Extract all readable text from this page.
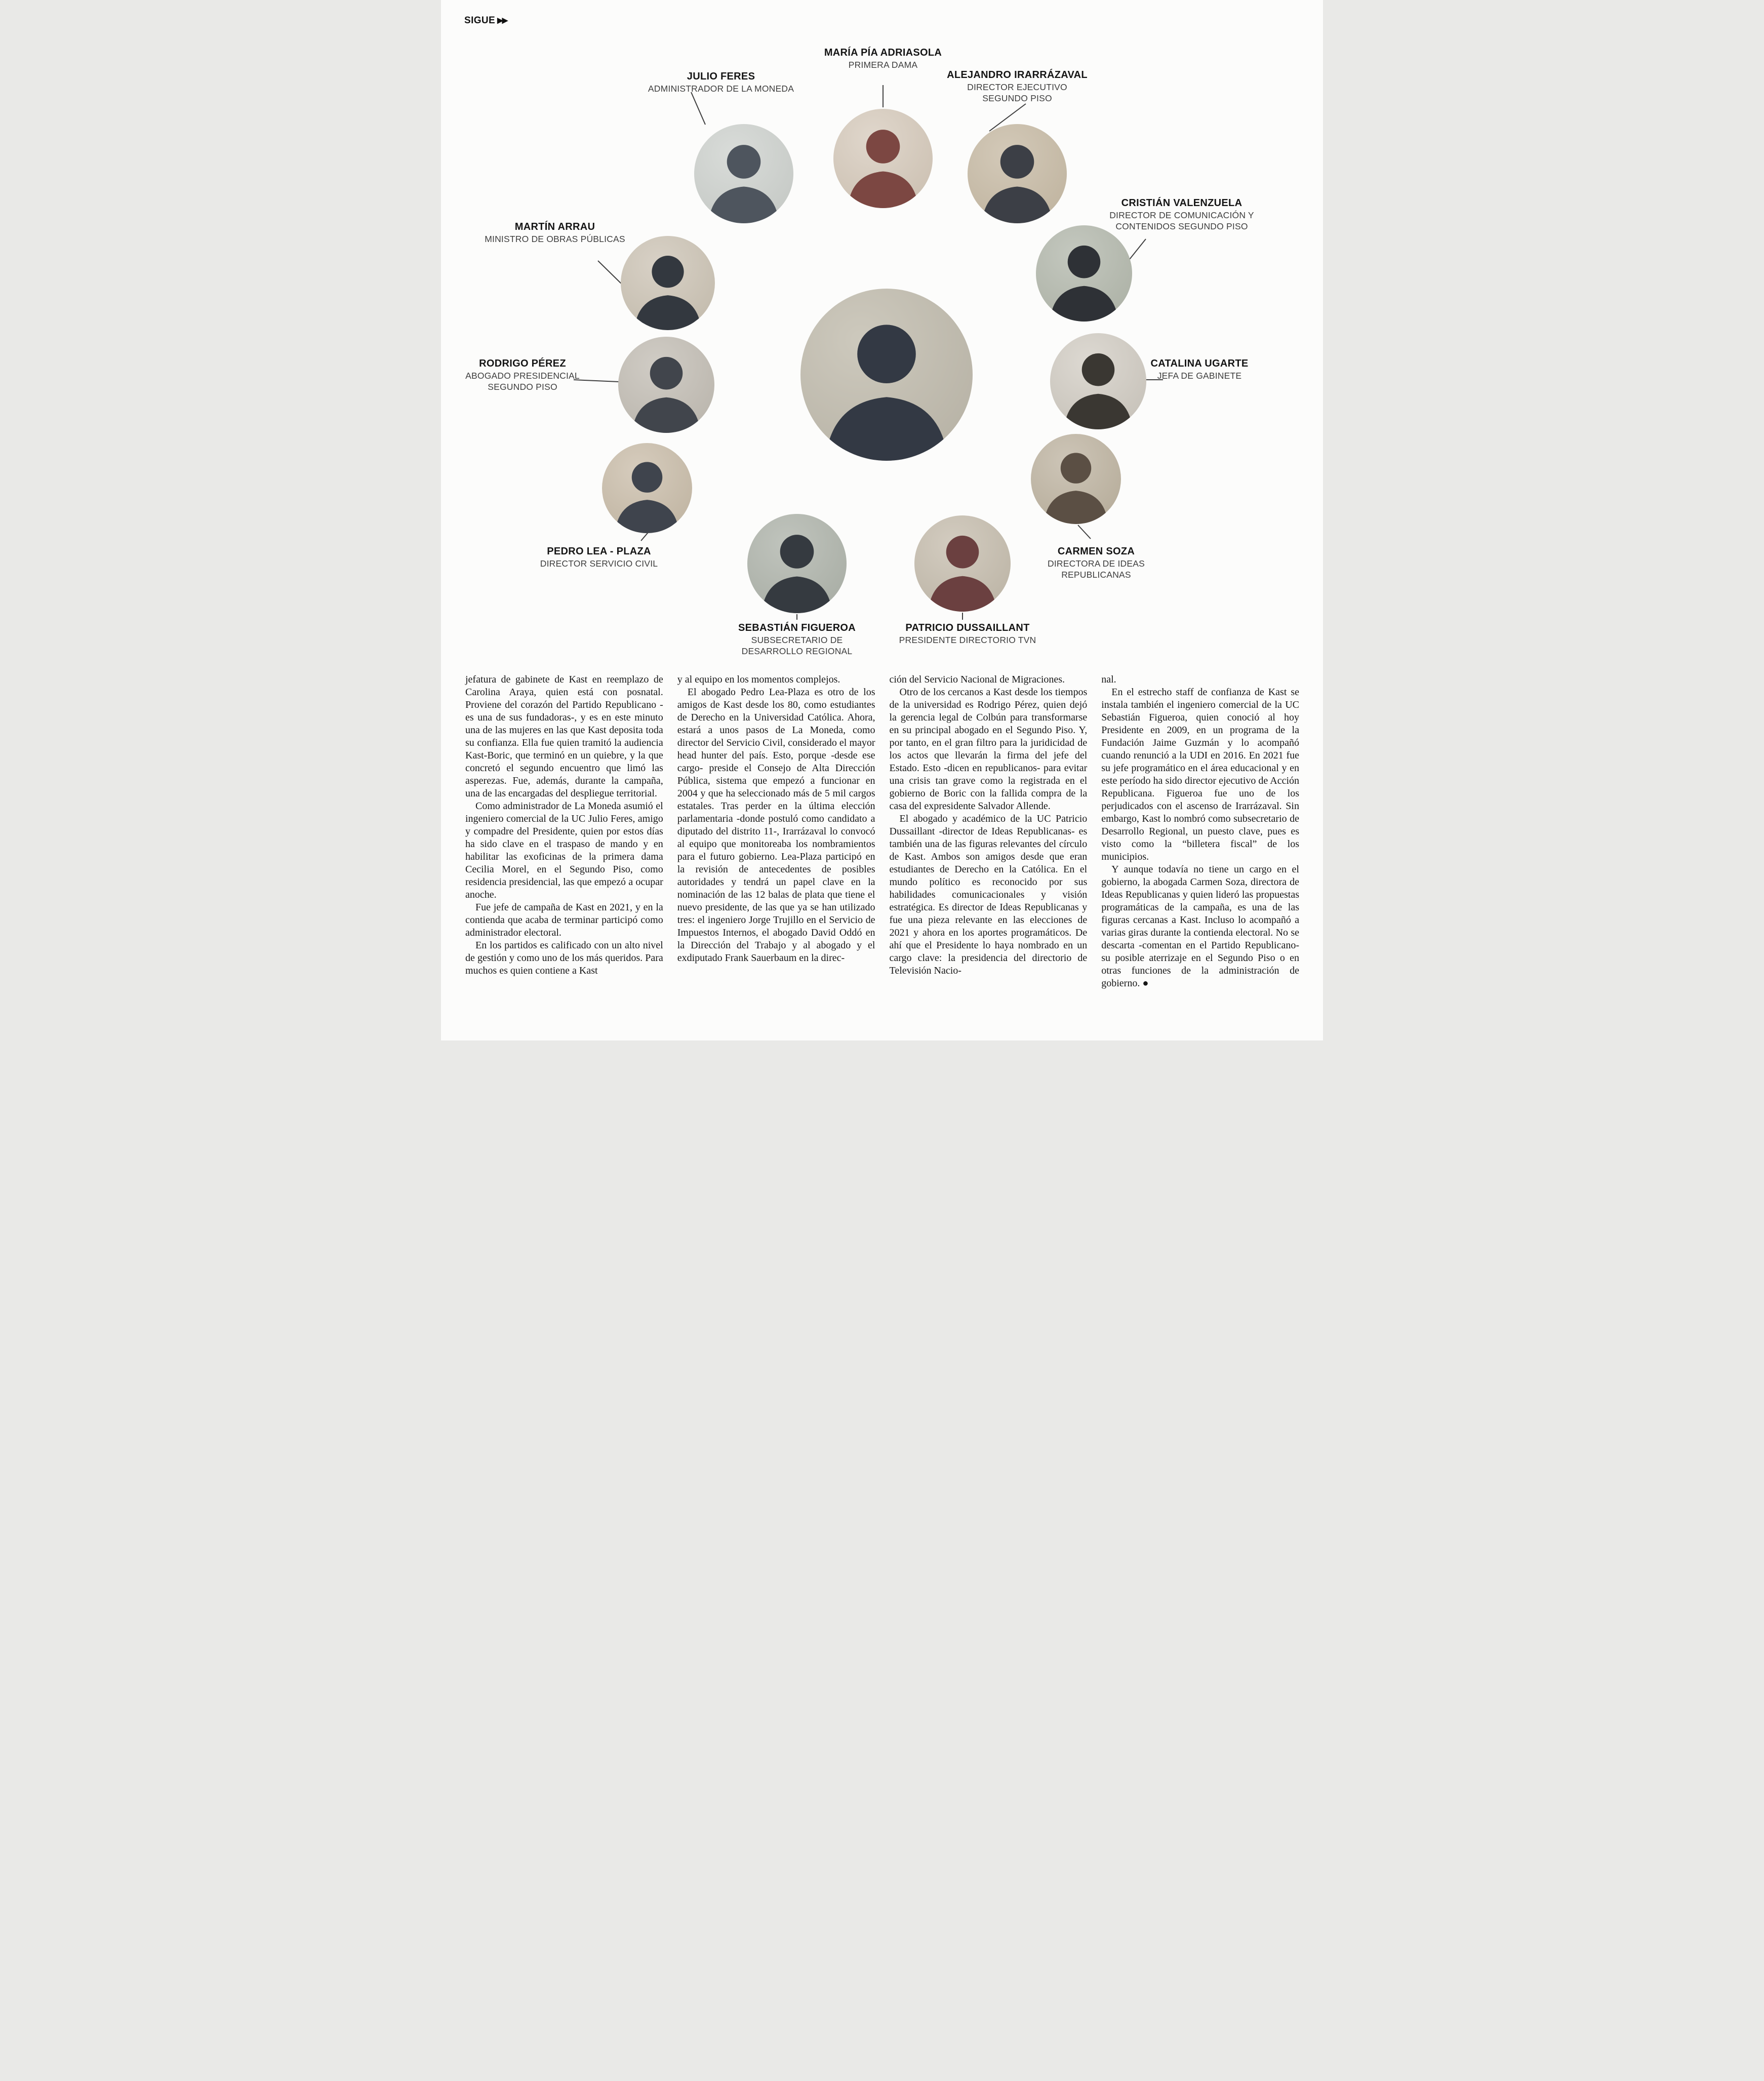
SIGUE ▶▶
MARÍA PÍA ADRIASOLA
PRIMERA DAMA
JULIO FERES
ADMINISTRADOR DE LA MONEDA
ALEJANDRO IRARRÁZAVAL
DIRECTOR EJECUTIVO
SEGUNDO PISO
MARTÍN ARRAU
MINISTRO DE OBRAS PÚBLICAS
CRISTIÁN VALENZUELA
DIRECTOR DE COMUNICACIÓN Y
CONTENIDOS SEGUNDO PISO
RODRIGO PÉREZ
ABOGADO PRESIDENCIAL
SEGUNDO PISO
CATALINA UGARTE
JEFA DE GABINETE
PEDRO LEA - PLAZA
DIRECTOR SERVICIO CIVIL
CARMEN SOZA
DIRECTORA DE IDEAS
REPUBLICANAS
SEBASTIÁN FIGUEROA
SUBSECRETARIO DE
DESARROLLO REGIONAL
PATRICIO DUSSAILLANT
PRESIDENTE DIRECTORIO TVN

jefatura de gabinete de Kast en reemplazo de Carolina Araya, quien está con posnatal. Proviene del corazón del Partido Republicano -es una de sus fundadoras-, y es en este minuto una de las mujeres en las que Kast deposita toda su confianza. Ella fue quien tramitó la audiencia Kast-Boric, que terminó en un quiebre, y la que concretó el segundo encuentro que limó las asperezas. Fue, además, durante la campaña, una de las encargadas del despliegue territorial.

Como administrador de La Moneda asumió el ingeniero comercial de la UC Julio Feres, amigo y compadre del Presidente, quien por estos días ha sido clave en el traspaso de mando y en habilitar las exoficinas de la primera dama Cecilia Morel, en el Segundo Piso, como residencia presidencial, las que empezó a ocupar anoche.

Fue jefe de campaña de Kast en 2021, y en la contienda que acaba de terminar participó como administrador electoral.

En los partidos es calificado con un alto nivel de gestión y como uno de los más queridos. Para muchos es quien contiene a Kast

y al equipo en los momentos complejos.

El abogado Pedro Lea-Plaza es otro de los amigos de Kast desde los 80, como estudiantes de Derecho en la Universidad Católica. Ahora, estará a unos pasos de La Moneda, como director del Servicio Civil, considerado el mayor head hunter del país. Esto, porque -desde ese cargo- preside el Consejo de Alta Dirección Pública, sistema que empezó a funcionar en 2004 y que ha seleccionado más de 5 mil cargos estatales. Tras perder en la última elección parlamentaria -donde postuló como candidato a diputado del distrito 11-, Irarrázaval lo convocó al equipo que monitoreaba los nombramientos para el futuro gobierno. Lea-Plaza participó en la revisión de antecedentes de posibles autoridades y tendrá un papel clave en la nominación de las 12 balas de plata que tiene el nuevo presidente, de las que ya se han utilizado tres: el ingeniero Jorge Trujillo en el Servicio de Impuestos Internos, el abogado David Oddó en la Dirección del Trabajo y al abogado y el exdiputado Frank Sauerbaum en la direc-

ción del Servicio Nacional de Migraciones.

Otro de los cercanos a Kast desde los tiempos de la universidad es Rodrigo Pérez, quien dejó la gerencia legal de Colbún para transformarse en su principal abogado en el Segundo Piso. Y, por tanto, en el gran filtro para la juridicidad de los actos que llevarán la firma del jefe del Estado. Esto -dicen en republicanos- para evitar una crisis tan grave como la registrada en el gobierno de Boric con la fallida compra de la casa del expresidente Salvador Allende.

El abogado y académico de la UC Patricio Dussaillant -director de Ideas Republicanas- es también una de las figuras relevantes del círculo de Kast. Ambos son amigos desde que eran estudiantes de Derecho en la Católica. En el mundo político es reconocido por sus habilidades comunicacionales y visión estratégica. Es director de Ideas Republicanas y fue una pieza relevante en las elecciones de 2021 y ahora en los aportes programáticos. De ahí que el Presidente lo haya nombrado en un cargo clave: la presidencia del directorio de Televisión Nacio-

nal.

En el estrecho staff de confianza de Kast se instala también el ingeniero comercial de la UC Sebastián Figueroa, quien conoció al hoy Presidente en 2009, en un programa de la Fundación Jaime Guzmán y lo acompañó cuando renunció a la UDI en 2016. En 2021 fue su jefe programático en el área educacional y en este período ha sido director ejecutivo de Acción Republicana. Figueroa fue uno de los perjudicados con el ascenso de Irarrázaval. Sin embargo, Kast lo nombró como subsecretario de Desarrollo Regional, un puesto clave, pues es visto como la “billetera fiscal” de los municipios.

Y aunque todavía no tiene un cargo en el gobierno, la abogada Carmen Soza, directora de Ideas Republicanas y quien lideró las propuestas programáticas de la campaña, es una de las figuras cercanas a Kast. Incluso lo acompañó a varias giras durante la contienda electoral. No se descarta -comentan en el Partido Republicano- su posible aterrizaje en el Segundo Piso o en otras funciones de la administración de gobierno. ●
